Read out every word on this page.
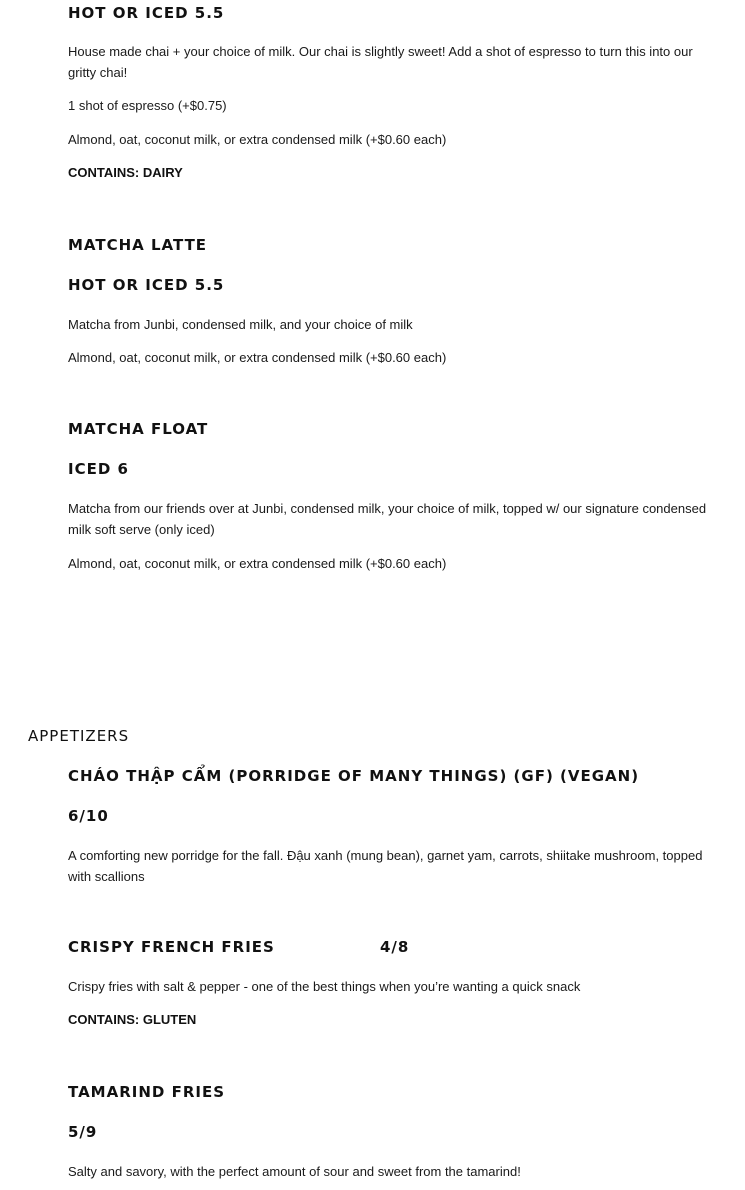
HOT OR ICED 5.5

House made chai + your choice of milk. Our chai is slightly sweet! Add a shot of espresso to turn this into our gritty chai!

1 shot of espresso (+$0.75)

Almond, oat, coconut milk, or extra condensed milk (+$0.60 each)

CONTAINS: DAIRY

MATCHA LATTE
HOT OR ICED 5.5

Matcha from Junbi, condensed milk, and your choice of milk

Almond, oat, coconut milk, or extra condensed milk (+$0.60 each)

MATCHA FLOAT
ICED 6

Matcha from our friends over at Junbi, condensed milk, your choice of milk, topped w/ our signature condensed milk soft serve (only iced)

Almond, oat, coconut milk, or extra condensed milk (+$0.60 each)

APPETIZERS
CHÁO THẬP CẨM (PORRIDGE OF MANY THINGS) (GF) (VEGAN)
6/10

A comforting new porridge for the fall. Đậu xanh (mung bean), garnet yam, carrots, shiitake mushroom, topped with scallions

CRISPY FRENCH FRIES	4/8

Crispy fries with salt & pepper - one of the best things when you’re wanting a quick snack

CONTAINS: GLUTEN

TAMARIND FRIES
5/9

Salty and savory, with the perfect amount of sour and sweet from the tamarind!
